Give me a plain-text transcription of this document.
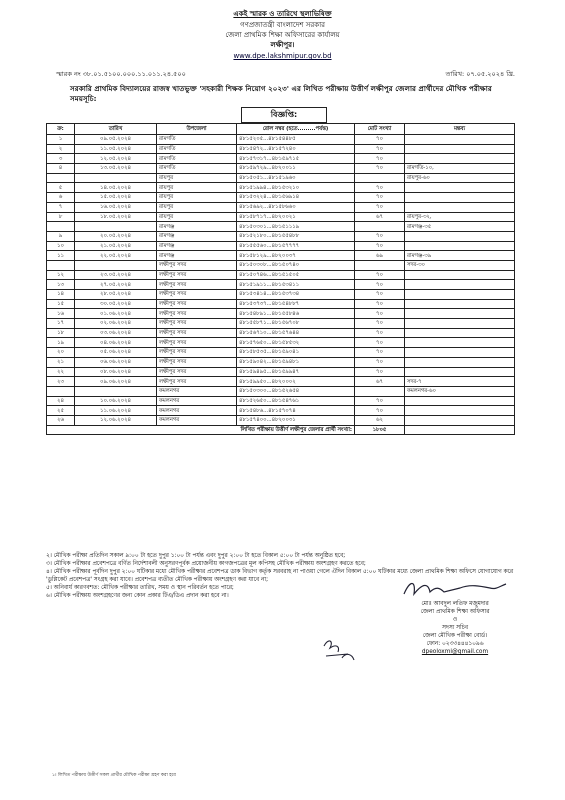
একই স্মারক ও তারিখে স্থলাভিষিক্ত
গণপ্রজাতন্ত্রী বাংলাদেশ সরকার
জেলা প্রাথমিক শিক্ষা অফিসারের কার্যালয়
লক্ষীপুর।
www.dpe.lakshmipur.gov.bd
স্মারক নং ৩৮.০১.৫১০০.০০০.১১.০১১.২৪.৫০০	তারিখ: ০৭.০৫.২০২৪ খ্রি.
সরকারি প্রাথমিক বিদ্যালয়ের রাজস্ব খাতভুক্ত 'সহকারী শিক্ষক নিয়োগ ২০২৩' এর লিখিত পরীক্ষায় উত্তীর্ণ লক্ষীপুর জেলার প্রার্থীদের মৌখিক পরীক্ষার সময়সূচি:
বিজ্ঞপ্তি:
ক্র:	তারিখ	উপজেলা	রোল নম্বর (হতে.........পর্যন্ত)	মোট সংখ্যা	মন্তব্য
১	০৯.০৫.২০২৪	রামগতি	৪৮১৫২০৫...৪৮১৫৪৪৮৫	৭০	
২	১১.০৫.২০২৪	রামগতি	৪৮১৫৪৭২...৪৮১৫৭২৪০	৭০	
৩	১২.০৫.২০২৪	রামগতি	৪৮১৫৭৩১৭...৪৮১৫৯৭১৫	৭০	
৪	১৩.০৫.২০২৪	রামগতি	৪৮১৫৯৭২৯...৪৮২০০১১	৭০	রামগতি-১০,
		রায়পুর	৪৮১৫০৫১...৪৮১৫১৯৬০		রায়পুর-৬০
৫	১৪.০৫.২০২৪	রায়পুর	৪৮১৫১৯৯৪...৪৮১৫৩২১০	৭০	
৬	১৫.০৫.২০২৪	রায়পুর	৪৮১৫৩২২৪...৪৮১৫৬৯১৪	৭০	
৭	১৬.০৫.২০২৪	রায়পুর	৪৮১৫৬৯২...৪৮১৫৮৬৬০	৭০	
৮	১৮.০৫.২০২৪	রায়পুর	৪৮১৫৮৭১৭...৪৮২০০২১	৬৭	রায়পুর-৩২,
		রামগঞ্জ	৪৮১৫০৩০১...৪৮১৫১১১৯		রামগঞ্জ-৩৫
৯	২০.০৫.২০২৪	রামগঞ্জ	৪৮১৫২১৮০...৪৮১৫৫৪৮৮	৭০	
১০	২১.০৫.২০২৪	রামগঞ্জ	৪৮১৫৫৫৬০...৪৮১৫৭৭৭৭	৭০	
১১	২২.০৫.২০২৪	রামগঞ্জ	৪৮১৫৮১২৯...৪৮২০০৩৭	৬৯	রামগঞ্জ-৩৯
		লক্ষীপুর সদর	৪৮১৫০৩০৮...৪৮১৫০৭৪০		সদর-৩০
১২	২৩.০৫.২০২৪	লক্ষীপুর সদর	৪৮১৫০৭৪৬...৪৮১৫১৫০৫	৭০	
১৩	২৭.০৫.২০২৪	লক্ষীপুর সদর	৪৮১৫১৯১১...৪৮১৫৩৪১১	৭০	
১৪	২৮.০৫.২০২৪	লক্ষীপুর সদর	৪৮১৫৩৪১৪...৪৮১৫৩৭৩৪	৭০	
১৫	৩০.০৫.২০২৪	লক্ষীপুর সদর	৪৮১৫৩৭৩৭...৪৮১৫৪৮৮৭	৭০	
১৬	০১.০৬.২০২৪	লক্ষীপুর সদর	৪৮১৫৪৮৯১...৪৮১৫৫৮৪৬	৭০	
১৭	০২.০৬.২০২৪	লক্ষীপুর সদর	৪৮১৫৫৮৭১...৪৮১৫৬৭০৮	৭০	
১৮	০৩.০৬.২০২৪	লক্ষীপুর সদর	৪৮১৫৬৭১০...৪৮১৫৭৬৪৪	৭০	
১৯	০৪.০৬.২০২৪	লক্ষীপুর সদর	৪৮১৫৭৬৫০...৪৮১৫৮৫৩২	৭০	
২০	০৫.০৬.২০২৪	লক্ষীপুর সদর	৪৮১৫৮৫৩৫...৪৮১৫৯০৪১	৭০	
২১	০৬.০৬.২০২৪	লক্ষীপুর সদর	৪৮১৫৯০৪২...৪৮১৫৯৪৮১	৭০	
২২	০৮.০৬.২০২৪	লক্ষীপুর সদর	৪৮১৫৯৪৯৫...৪৮১৫৯৯৪৭	৭০	
২৩	০৯.০৬.২০২৪	লক্ষীপুর সদর	৪৮১৫৯৯৫০...৪৮২০০০২	৬৭	সদর-৭
		কমলনগর	৪৮১৫০৩০০...৪৮১৫২৬৫৪		কমলনগর-৬০
২৪	১০.০৬.২০২৪	কমলনগর	৪৮১৫২৬৫০...৪৮১৫৪৭৬১	৭০	
২৫	১১.০৬.২০২৪	কমলনগর	৪৮১৫৪৮৬...৪৮১৫৭০৭৪	৭০	
২৬	১২.০৬.২০২৪	কমলনগর	৪৮১৫৭৪০০...৪৮২০০৩১	৬২	
লিখিত পরীক্ষায় উত্তীর্ণ লক্ষীপুর জেলার প্রার্থী সংখ্যা:				১৮০৫	

২। মৌখিক পরীক্ষা প্রতিদিন সকাল ৯:০০ টা হতে দুপুর ১:০০ টা পর্যন্ত এবং দুপুর ২:০০ টা হতে বিকাল ৫:০০ টা পর্যন্ত অনুষ্ঠিত হবে;

৩। মৌখিক পরীক্ষার প্রবেশপত্রে বর্ণিত নির্দেশাবলী অনুসরণপূর্বক প্রয়োজনীয় কাগজপত্রের মূল কপিসহ মৌখিক পরীক্ষায় অংশগ্রহণ করতে হবে;

৪। মৌখিক পরীক্ষার পূর্বদিন দুপুর ২:০০ ঘটিকার মধ্যে মৌখিক পরীক্ষার প্রবেশপত্র ডাক বিভাগ কর্তৃক সরবরাহ না পাওয়া গেলে ঐদিন বিকাল ৫:০০ ঘটিকার মধ্যে জেলা প্রাথমিক শিক্ষা অফিসে যোগাযোগ করে 'ডুপ্লিকেট প্রবেশপত্র' সংগ্রহ করা যাবে। প্রবেশপত্র ব্যতীত মৌখিক পরীক্ষায় অংশগ্রহণ করা যাবে না;

৫। অনিবার্য কারণবশত: মৌখিক পরীক্ষার তারিখ, সময় ও স্থান পরিবর্তন হতে পারে;

৬। মৌখিক পরীক্ষায় অংশগ্রহণের জন্য কোন প্রকার টিএ/ডিএ প্রদান করা হবে না।

মোঃ আবদুল লতিফ মজুমদার
জেলা প্রাথমিক শিক্ষা অফিসার
ও
সদস্য সচিব
জেলা মৌখিক পরীক্ষা বোর্ড।
ফোন: ০২৩৩৪৪৪১০৯৬
dpeoloxmi@gmail.com
১। লিখিত পরীক্ষায় উত্তীর্ণ সকল প্রার্থীর মৌখিক পরীক্ষা গ্রহণ করা হবে
